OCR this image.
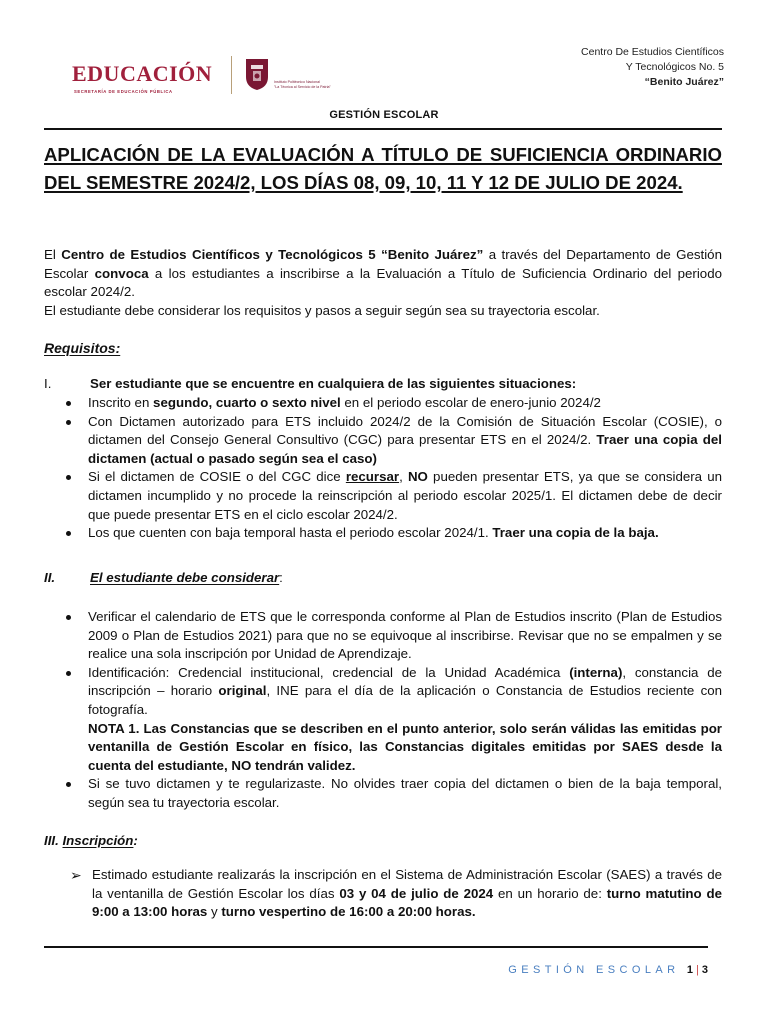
EDUCACIÓN
SECRETARÍA DE EDUCACIÓN PÚBLICA
Instituto Politécnico Nacional
"La Técnica al Servicio de la Patria"
Centro De Estudios Científicos
Y Tecnológicos No. 5
“Benito Juárez”
GESTIÓN ESCOLAR
APLICACIÓN DE LA EVALUACIÓN A TÍTULO DE SUFICIENCIA ORDINARIO DEL SEMESTRE 2024/2, LOS DÍAS 08, 09, 10, 11 Y 12 DE JULIO DE 2024.
El Centro de Estudios Científicos y Tecnológicos 5 “Benito Juárez” a través del Departamento de Gestión Escolar convoca a los estudiantes a inscribirse a la Evaluación a Título de Suficiencia Ordinario del periodo escolar 2024/2.
El estudiante debe considerar los requisitos y pasos a seguir según sea su trayectoria escolar.
Requisitos:
I.	Ser estudiante que se encuentre en cualquiera de las siguientes situaciones:
Inscrito en segundo, cuarto o sexto nivel en el periodo escolar de enero-junio 2024/2
Con Dictamen autorizado para ETS incluido 2024/2 de la Comisión de Situación Escolar (COSIE), o dictamen del Consejo General Consultivo (CGC) para presentar ETS en el 2024/2. Traer una copia del dictamen (actual o pasado según sea el caso)
Si el dictamen de COSIE o del CGC dice recursar, NO pueden presentar ETS, ya que se considera un dictamen incumplido y no procede la reinscripción al periodo escolar 2025/1. El dictamen debe de decir que puede presentar ETS en el ciclo escolar 2024/2.
Los que cuenten con baja temporal hasta el periodo escolar 2024/1. Traer una copia de la baja.
II.	El estudiante debe considerar:
Verificar el calendario de ETS que le corresponda conforme al Plan de Estudios inscrito (Plan de Estudios 2009 o Plan de Estudios 2021) para que no se equivoque al inscribirse. Revisar que no se empalmen y se realice una sola inscripción por Unidad de Aprendizaje.
Identificación: Credencial institucional, credencial de la Unidad Académica (interna), constancia de inscripción – horario original, INE para el día de la aplicación o Constancia de Estudios reciente con fotografía.
NOTA 1. Las Constancias que se describen en el punto anterior, solo serán válidas las emitidas por ventanilla de Gestión Escolar en físico, las Constancias digitales emitidas por SAES desde la cuenta del estudiante, NO tendrán validez.
Si se tuvo dictamen y te regularizaste. No olvides traer copia del dictamen o bien de la baja temporal, según sea tu trayectoria escolar.
III. Inscripción:
➢ Estimado estudiante realizarás la inscripción en el Sistema de Administración Escolar (SAES) a través de la ventanilla de Gestión Escolar los días 03 y 04 de julio de 2024 en un horario de: turno matutino de 9:00 a 13:00 horas y turno vespertino de 16:00 a 20:00 horas.
GESTIÓN ESCOLAR 1 | 3
